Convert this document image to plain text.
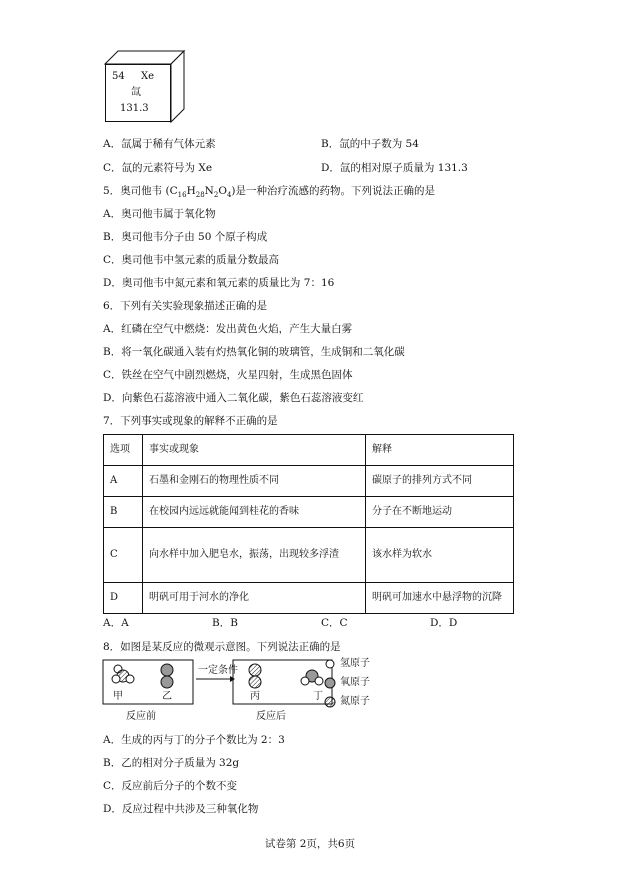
54 Xe
氙
131.3
A．氙属于稀有气体元素	B．氙的中子数为 54
C．氙的元素符号为 Xe	D．氙的相对原子质量为 131.3
5．奥司他韦 $(C_{16}H_{28}N_2O_4)$是一种治疗流感的药物。下列说法正确的是
A．奥司他韦属于氧化物
B．奥司他韦分子由 50 个原子构成
C．奥司他韦中氢元素的质量分数最高
D．奥司他韦中氮元素和氧元素的质量比为 7：16
6．下列有关实验现象描述正确的是
A．红磷在空气中燃烧：发出黄色火焰，产生大量白雾
B．将一氧化碳通入装有灼热氧化铜的玻璃管，生成铜和二氧化碳
C．铁丝在空气中剧烈燃烧，火星四射，生成黑色固体
D．向紫色石蕊溶液中通入二氧化碳，紫色石蕊溶液变红
7．下列事实或现象的解释不正确的是
选项	事实或现象	解释
A	石墨和金刚石的物理性质不同	碳原子的排列方式不同
B	在校园内远远就能闻到桂花的香味	分子在不断地运动
C	向水样中加入肥皂水，振荡，出现较多浮渣	该水样为软水
D	明矾可用于河水的净化	明矾可加速水中悬浮物的沉降
A．A	B．B	C．C	D．D
8．如图是某反应的微观示意图。下列说法正确的是
甲	乙	丙	丁
一定条件
反应前	反应后
氢原子
氧原子
氮原子
A．生成的丙与丁的分子个数比为 2：3
B．乙的相对分子质量为 32g
C．反应前后分子的个数不变
D．反应过程中共涉及三种氧化物
试卷第 2页，共6页
